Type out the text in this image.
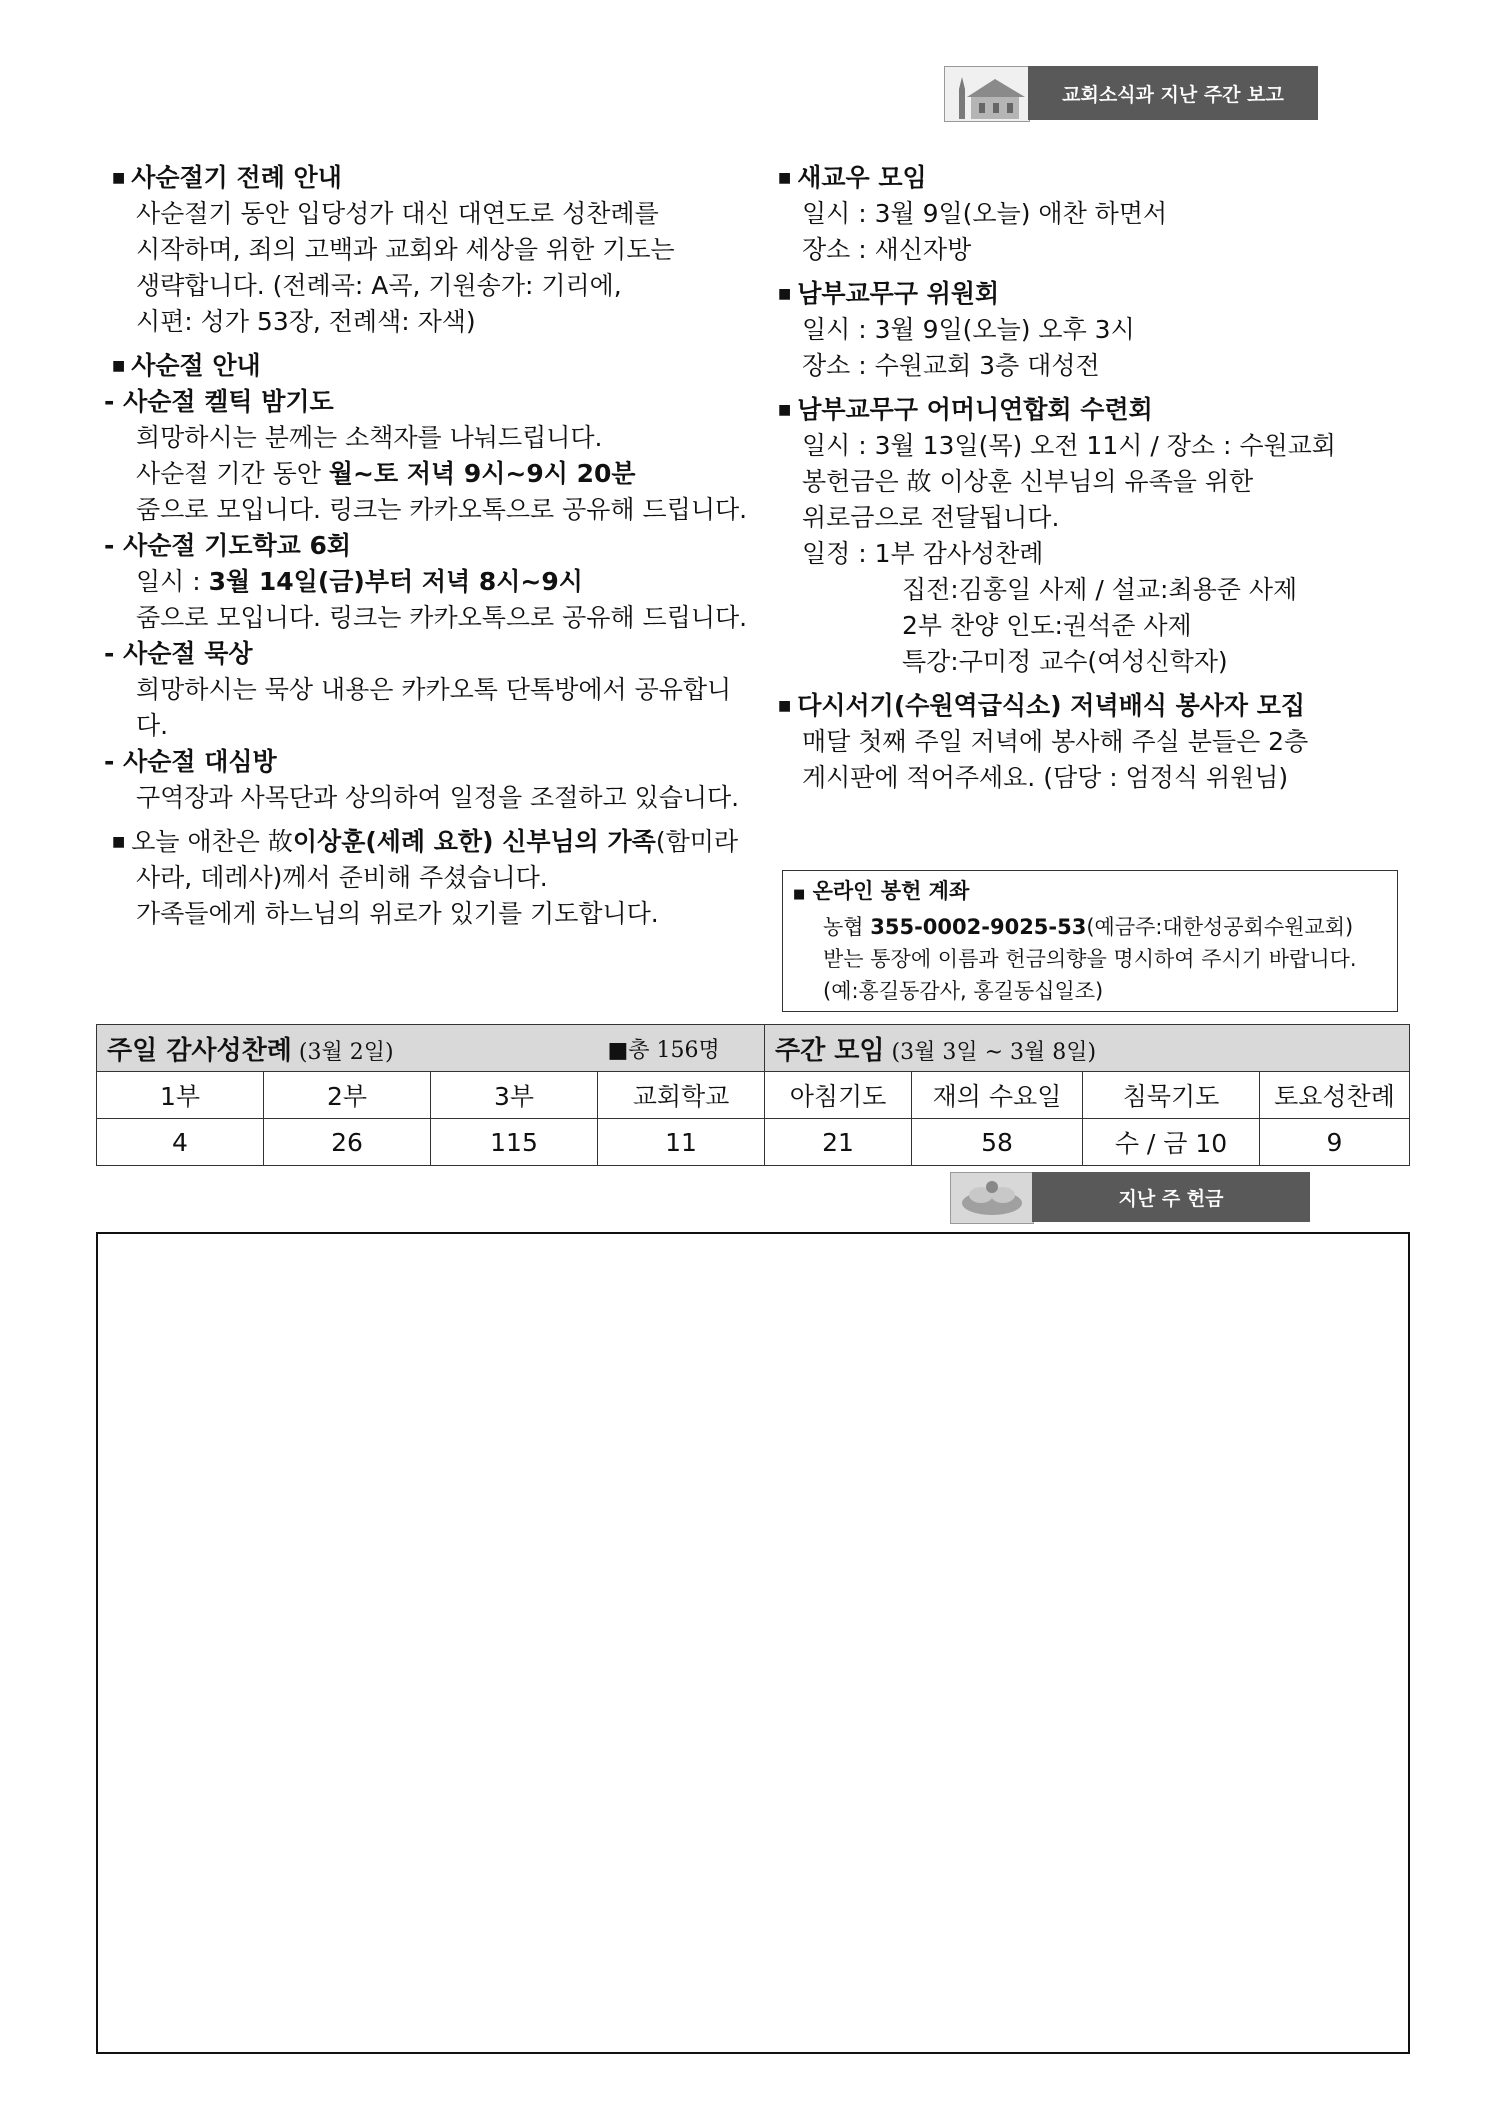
교회소식과 지난 주간 보고
■ 사순절기 전례 안내
사순절기 동안 입당성가 대신 대연도로 성찬례를
시작하며, 죄의 고백과 교회와 세상을 위한 기도는
생략합니다. (전례곡: A곡, 기원송가: 기리에,
시편: 성가 53장, 전례색: 자색)
■ 사순절 안내
- 사순절 켈틱 밤기도
희망하시는 분께는 소책자를 나눠드립니다.
사순절 기간 동안 월~토 저녁 9시~9시 20분
줌으로 모입니다. 링크는 카카오톡으로 공유해 드립니다.
- 사순절 기도학교 6회
일시 : 3월 14일(금)부터 저녁 8시~9시
줌으로 모입니다. 링크는 카카오톡으로 공유해 드립니다.
- 사순절 묵상
희망하시는 묵상 내용은 카카오톡 단톡방에서 공유합니다.
- 사순절 대심방
구역장과 사목단과 상의하여 일정을 조절하고 있습니다.
■ 오늘 애찬은 故 이상훈(세례 요한) 신부님의 가족 (함미라
사라, 데레사)께서 준비해 주셨습니다.
가족들에게 하느님의 위로가 있기를 기도합니다.
■ 새교우 모임
일시 : 3월 9일(오늘) 애찬 하면서
장소 : 새신자방
■ 남부교무구 위원회
일시 : 3월 9일(오늘) 오후 3시
장소 : 수원교회 3층 대성전
■ 남부교무구 어머니연합회 수련회
일시 : 3월 13일(목) 오전 11시 / 장소 : 수원교회
봉헌금은 故 이상훈 신부님의 유족을 위한
위로금으로 전달됩니다.
일정 : 1부 감사성찬례
집전:김홍일 사제 / 설교:최용준 사제
2부 찬양 인도:권석준 사제
특강:구미정 교수(여성신학자)
■ 다시서기(수원역급식소) 저녁배식 봉사자 모집
매달 첫째 주일 저녁에 봉사해 주실 분들은 2층
게시판에 적어주세요. (담당 : 엄정식 위원님)
■ 온라인 봉헌 계좌
농협 355-0002-9025-53(예금주:대한성공회수원교회)
받는 통장에 이름과 헌금의향을 명시하여 주시기 바랍니다.
(예:홍길동감사, 홍길동십일조)
주일 감사성찬례 (3월 2일)			■총 156명	주간 모임 (3월 3일 ~ 3월 8일)			
1부	2부	3부	교회학교	아침기도	재의 수요일	침묵기도	토요성찬례
4	26	115	11	21	58	수 / 금 10	9
지난 주 헌금
